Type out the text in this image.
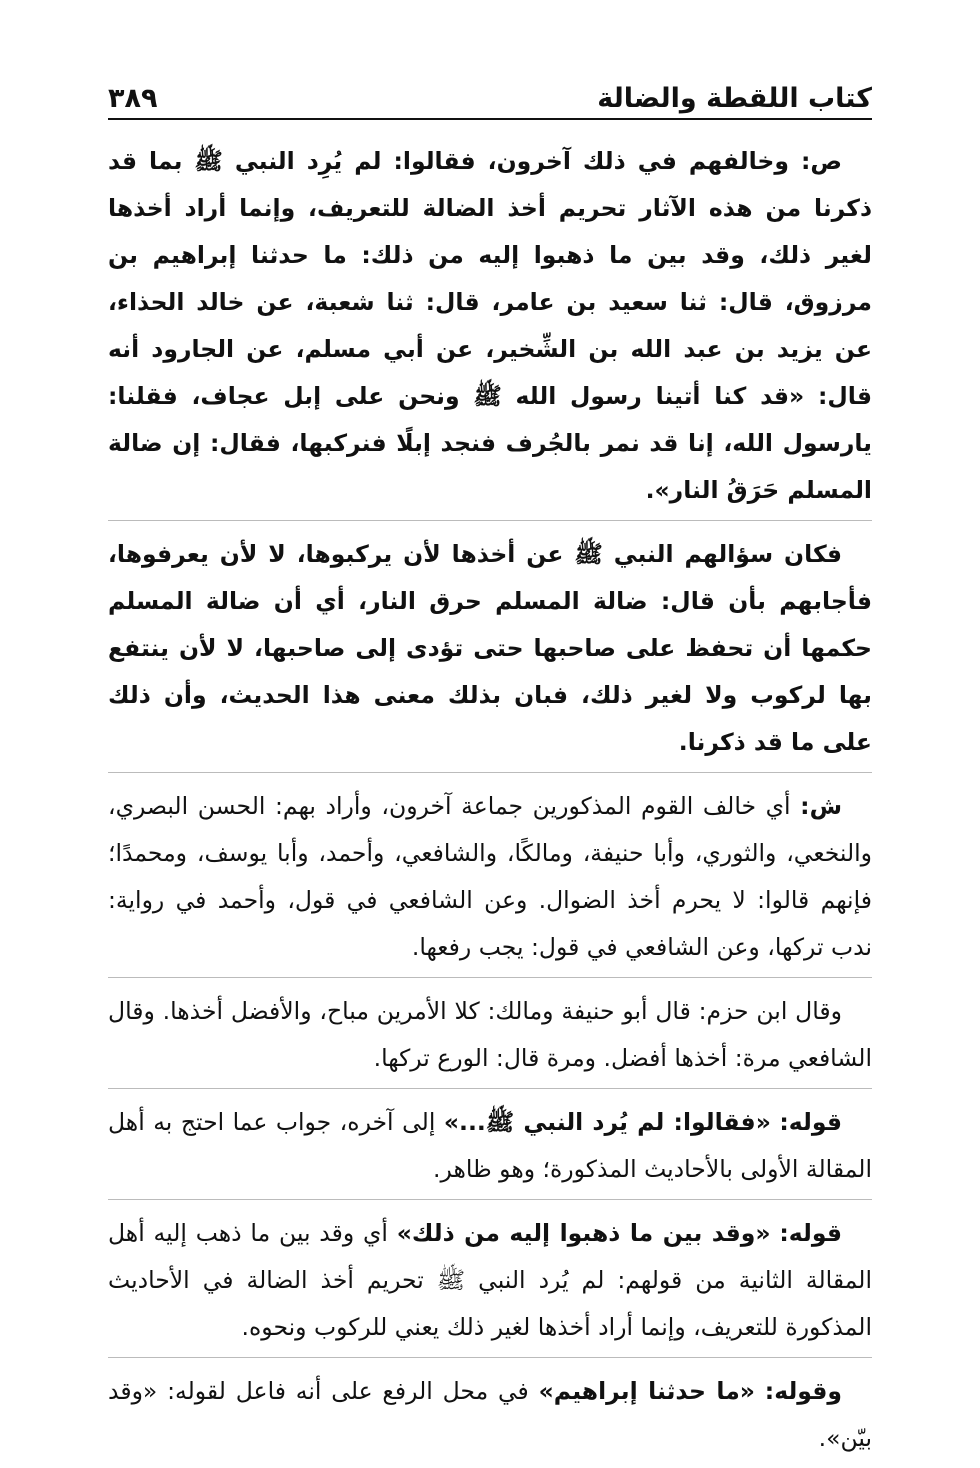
كتاب اللقطة والضالة
٣٨٩

ص: وخالفهم في ذلك آخرون، فقالوا: لم يُرِد النبي ﷺ بما قد ذكرنا من هذه الآثار تحريم أخذ الضالة للتعريف، وإنما أراد أخذها لغير ذلك، وقد بين ما ذهبوا إليه من ذلك: ما حدثنا إبراهيم بن مرزوق، قال: ثنا سعيد بن عامر، قال: ثنا شعبة، عن خالد الحذاء، عن يزيد بن عبد الله بن الشِّخير، عن أبي مسلم، عن الجارود أنه قال: «قد كنا أتينا رسول الله ﷺ ونحن على إبل عجاف، فقلنا: يارسول الله، إنا قد نمر بالجُرف فنجد إبلًا فنركبها، فقال: إن ضالة المسلم حَرَقُ النار».

فكان سؤالهم النبي ﷺ عن أخذها لأن يركبوها، لا لأن يعرفوها، فأجابهم بأن قال: ضالة المسلم حرق النار، أي أن ضالة المسلم حكمها أن تحفظ على صاحبها حتى تؤدى إلى صاحبها، لا لأن ينتفع بها لركوب ولا لغير ذلك، فبان بذلك معنى هذا الحديث، وأن ذلك على ما قد ذكرنا.

ش: أي خالف القوم المذكورين جماعة آخرون، وأراد بهم: الحسن البصري، والنخعي، والثوري، وأبا حنيفة، ومالكًا، والشافعي، وأحمد، وأبا يوسف، ومحمدًا؛ فإنهم قالوا: لا يحرم أخذ الضوال. وعن الشافعي في قول، وأحمد في رواية: ندب تركها، وعن الشافعي في قول: يجب رفعها.

وقال ابن حزم: قال أبو حنيفة ومالك: كلا الأمرين مباح، والأفضل أخذها. وقال الشافعي مرة: أخذها أفضل. ومرة قال: الورع تركها.

قوله: «فقالوا: لم يُرد النبي ﷺ...» إلى آخره، جواب عما احتج به أهل المقالة الأولى بالأحاديث المذكورة؛ وهو ظاهر.

قوله: «وقد بين ما ذهبوا إليه من ذلك» أي وقد بين ما ذهب إليه أهل المقالة الثانية من قولهم: لم يُرد النبي ﷺ تحريم أخذ الضالة في الأحاديث المذكورة للتعريف، وإنما أراد أخذها لغير ذلك يعني للركوب ونحوه.

وقوله: «ما حدثنا إبراهيم» في محل الرفع على أنه فاعل لقوله: «وقد بيّن».
